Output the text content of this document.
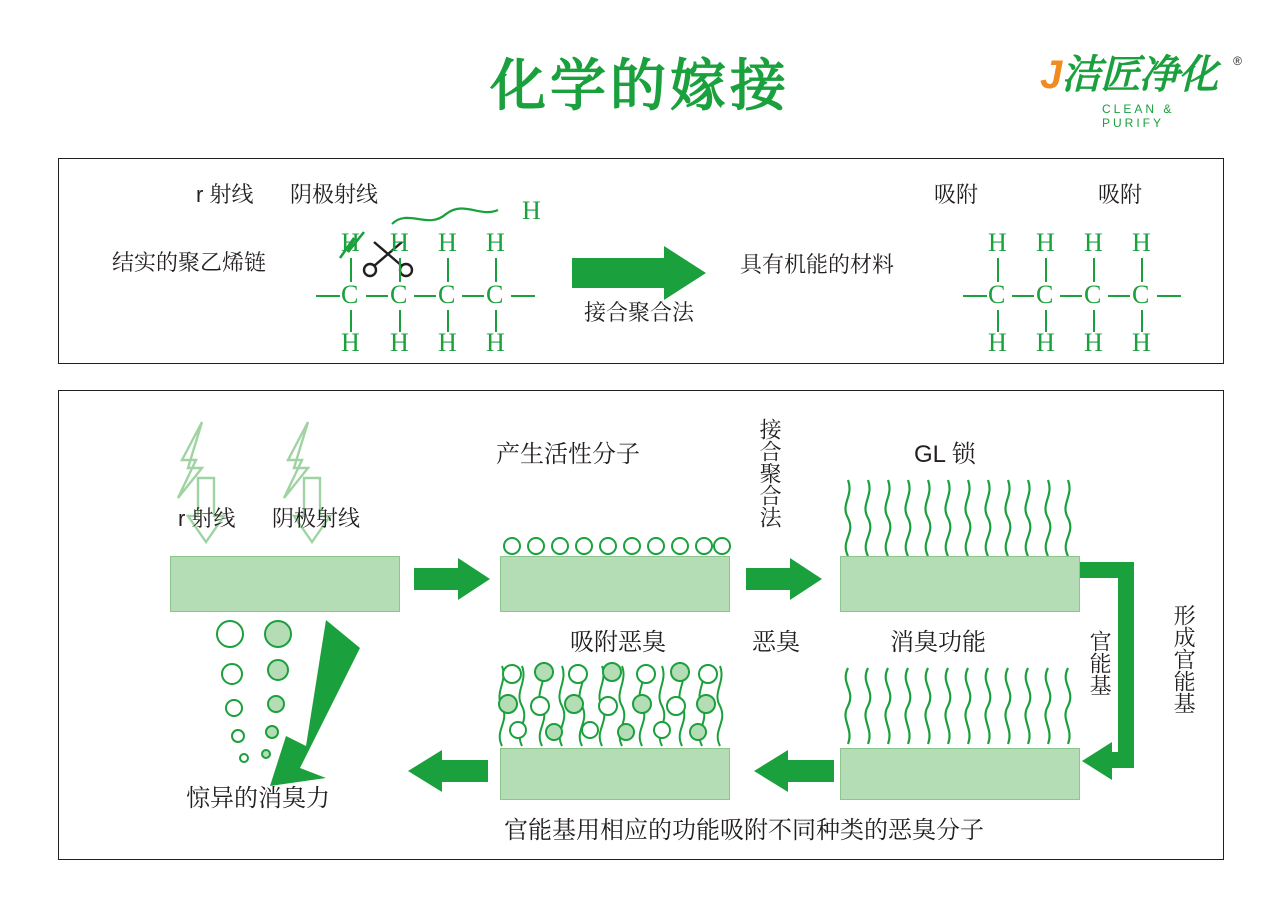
化学的嫁接	J洁匠净化
CLEAN & PURIFY
®
r 射线 阴极射线
结实的聚乙烯链
接合聚合法
具有机能的材料
吸附	吸附
H
H H H H
C C C C
H H H H
H H H H
C C C C
H H H H
r 射线 阴极射线
产生活性分子	接合聚合法	GL 锁
吸附恶臭	恶臭	消臭功能	官能基	形成官能基
惊异的消臭力
官能基用相应的功能吸附不同种类的恶臭分子
